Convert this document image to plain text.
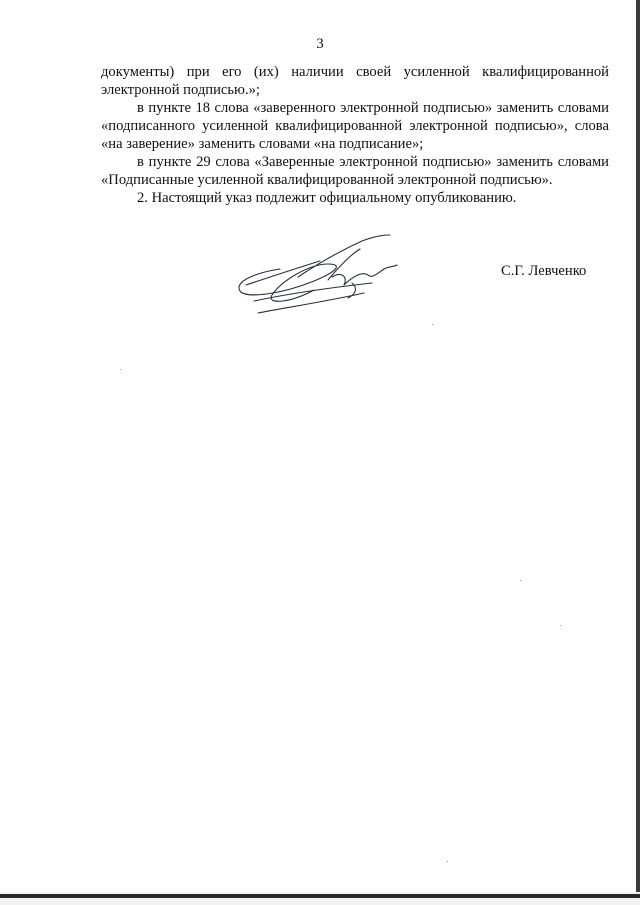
3

документы) при его (их) наличии своей усиленной квалифицированной электронной подписью.»;

в пункте 18 слова «заверенного электронной подписью» заменить словами «подписанного усиленной квалифицированной электронной подписью», слова «на заверение» заменить словами «на подписание»;

в пункте 29 слова «Заверенные электронной подписью» заменить словами «Подписанные усиленной квалифицированной электронной подписью».

2. Настоящий указ подлежит официальному опубликованию.

С.Г. Левченко
